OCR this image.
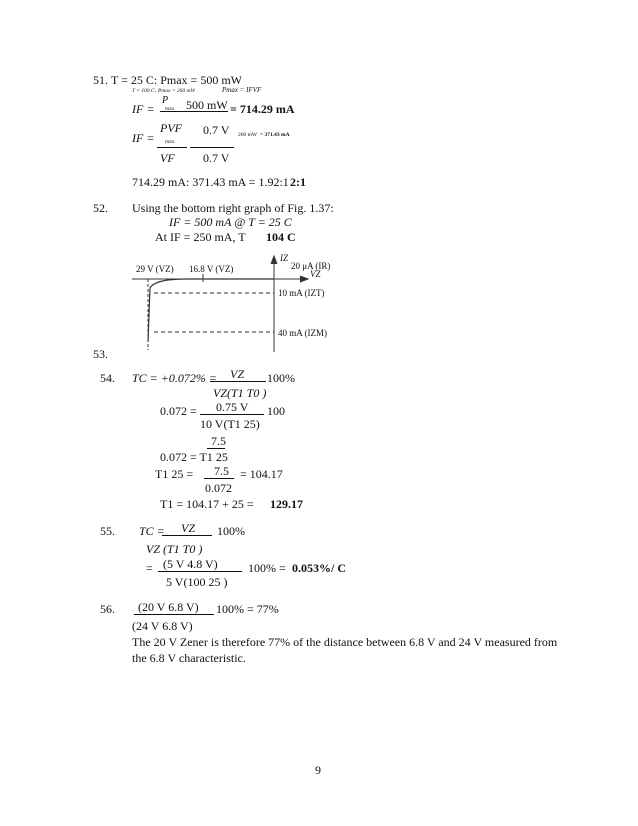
51. T = 25 C: Pmax = 500 mW
T = 100 C: Pmax = 260 mW	Pmax = IFVF
P
IF = max 500 mW = 714.29 mA
PVF 0.7 V
IF = max
260 mW = 371.43 mA
VF 0.7 V
714.29 mA: 371.43 mA = 1.92:1 2:1
52. Using the bottom right graph of Fig. 1.37:
IF = 500 mA @ T = 25 C
At IF = 250 mA, T 104 C
29 V (VZ) 16.8 V (VZ)
IZ
VZ
20 μA (IR)
10 mA (IZT)
40 mA (IZM)
53.
54. TC = +0.072% = VZ 100%
VZ(T1 T0 )
0.072 = 0.75 V 100
10 V(T1 25)
7.5
0.072 = T1 25
T1 25 = 7.5 = 104.17
0.072
T1 = 104.17 + 25 = 129.17
55. TC = VZ 100%
VZ (T1 T0 )
= (5 V 4.8 V)	100% = 0.053%/ C
5 V(100 25 )
56. (20 V 6.8 V) 100% = 77%
(24 V 6.8 V)
The 20 V Zener is therefore 77% of the distance between 6.8 V and 24 V measured from
the 6.8 V characteristic.
9
